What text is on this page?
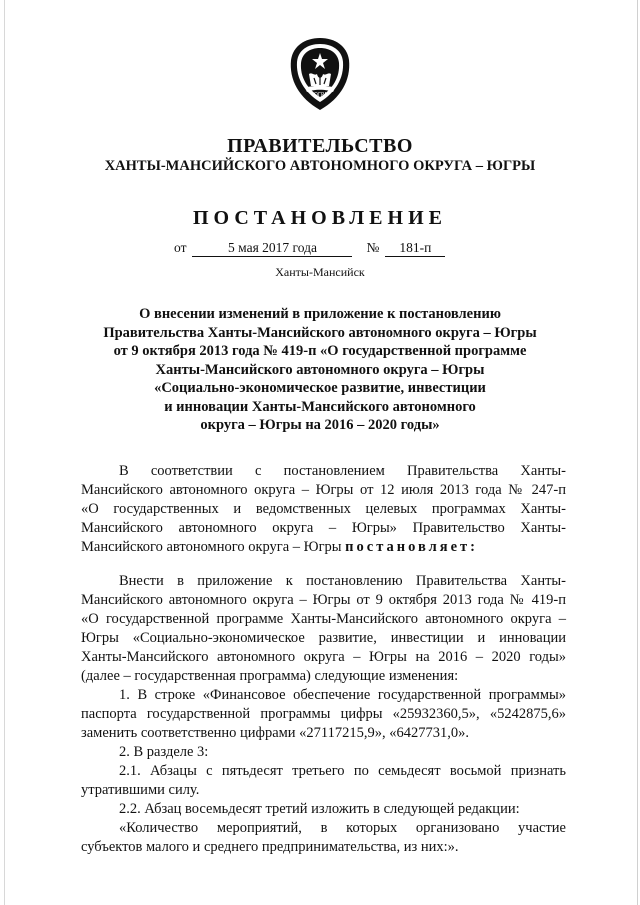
ЮГРА
ПРАВИТЕЛЬСТВО
ХАНТЫ-МАНСИЙСКОГО АВТОНОМНОГО ОКРУГА – ЮГРЫ
ПОСТАНОВЛЕНИЕ
от	5 мая 2017 года	№ 181-п
Ханты-Мансийск
О внесении изменений в приложение к постановлению
Правительства Ханты-Мансийского автономного округа – Югры
от 9 октября 2013 года № 419-п «О государственной программе
Ханты-Мансийского автономного округа – Югры
«Социально-экономическое развитие, инвестиции
и инновации Ханты-Мансийского автономного
округа – Югры на 2016 – 2020 годы»
В соответствии с постановлением Правительства Ханты-
Мансийского автономного округа – Югры от 12 июля 2013 года № 247-п
«О государственных и ведомственных целевых программах Ханты-
Мансийского автономного округа – Югры» Правительство Ханты-
Мансийского автономного округа – Югры постановляет:
Внести в приложение к постановлению Правительства Ханты-
Мансийского автономного округа – Югры от 9 октября 2013 года № 419-п
«О государственной программе Ханты-Мансийского автономного округа –
Югры «Социально-экономическое развитие, инвестиции и инновации
Ханты-Мансийского автономного округа – Югры на 2016 – 2020 годы»
(далее – государственная программа) следующие изменения:
1. В строке «Финансовое обеспечение государственной программы»
паспорта государственной программы цифры «25932360,5», «5242875,6»
заменить соответственно цифрами «27117215,9», «6427731,0».
2. В разделе 3:
2.1. Абзацы с пятьдесят третьего по семьдесят восьмой признать
утратившими силу.
2.2. Абзац восемьдесят третий изложить в следующей редакции:
«Количество мероприятий, в которых организовано участие
субъектов малого и среднего предпринимательства, из них:».
